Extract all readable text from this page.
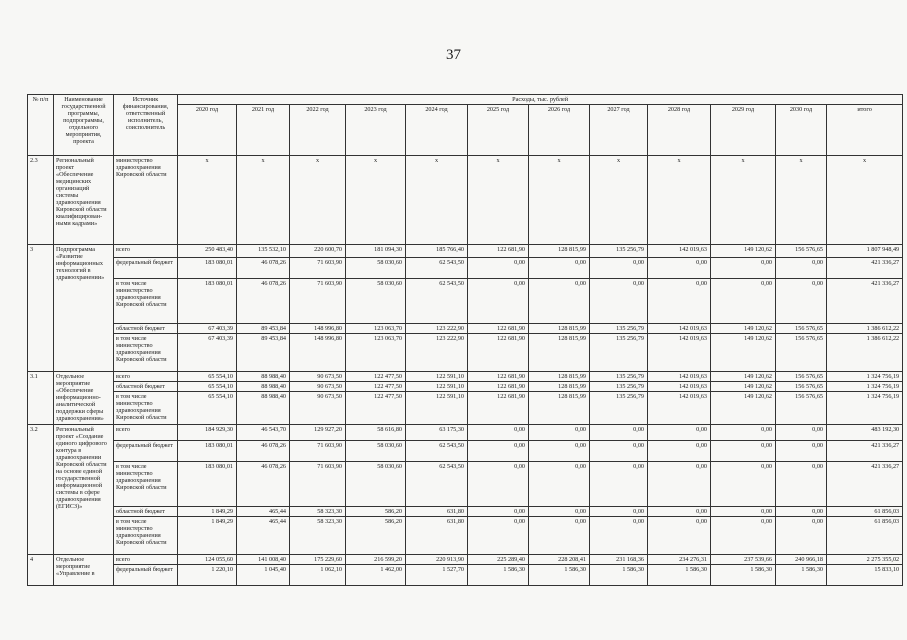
37
№ п/п	Наименование государственной программы, подпрограммы, отдельного мероприятия, проекта	Источник финансирования, ответственный исполнитель, соисполнитель	Расходы, тыс. рублей											
			2020 год	2021 год	2022 год	2023 год	2024 год	2025 год	2026 год	2027 год	2028 год	2029 год	2030 год	итого
2.3	Региональный проект «Обеспечение медицинских организаций системы здравоохранения Кировской области квалифицирован-ными кадрами»	министерство здравоохранения Кировской области	x	x	x	x	x	x	x	x	x	x	x	x
3	Подпрограмма «Развитие информационных технологий в здравоохранении»	всего	250 483,40	135 532,10	220 600,70	181 094,30	185 766,40	122 681,90	128 815,99	135 256,79	142 019,63	149 120,62	156 576,65	1 807 948,49
		федеральный бюджет	183 080,01	46 078,26	71 603,90	58 030,60	62 543,50	0,00	0,00	0,00	0,00	0,00	0,00	421 336,27
		в том числе министерство здравоохранения Кировской области	183 080,01	46 078,26	71 603,90	58 030,60	62 543,50	0,00	0,00	0,00	0,00	0,00	0,00	421 336,27
		областной бюджет	67 403,39	89 453,84	148 996,80	123 063,70	123 222,90	122 681,90	128 815,99	135 256,79	142 019,63	149 120,62	156 576,65	1 386 612,22
		в том числе министерство здравоохранения Кировской области	67 403,39	89 453,84	148 996,80	123 063,70	123 222,90	122 681,90	128 815,99	135 256,79	142 019,63	149 120,62	156 576,65	1 386 612,22
3.1	Отдельное мероприятие «Обеспечение информационно-аналитической поддержки сферы здравоохранения»	всего	65 554,10	88 988,40	90 673,50	122 477,50	122 591,10	122 681,90	128 815,99	135 256,79	142 019,63	149 120,62	156 576,65	1 324 756,19
		областной бюджет	65 554,10	88 988,40	90 673,50	122 477,50	122 591,10	122 681,90	128 815,99	135 256,79	142 019,63	149 120,62	156 576,65	1 324 756,19
		в том числе министерство здравоохранения Кировской области	65 554,10	88 988,40	90 673,50	122 477,50	122 591,10	122 681,90	128 815,99	135 256,79	142 019,63	149 120,62	156 576,65	1 324 756,19
3.2	Региональный проект «Создание единого цифрового контура в здравоохранении Кировской области на основе единой государственной информационной системы в сфере здравоохранения (ЕГИСЗ)»	всего	184 929,30	46 543,70	129 927,20	58 616,80	63 175,30	0,00	0,00	0,00	0,00	0,00	0,00	483 192,30
		федеральный бюджет	183 080,01	46 078,26	71 603,90	58 030,60	62 543,50	0,00	0,00	0,00	0,00	0,00	0,00	421 336,27
		в том числе министерство здравоохранения Кировской области	183 080,01	46 078,26	71 603,90	58 030,60	62 543,50	0,00	0,00	0,00	0,00	0,00	0,00	421 336,27
		областной бюджет	1 849,29	465,44	58 323,30	586,20	631,80	0,00	0,00	0,00	0,00	0,00	0,00	61 856,03
		в том числе министерство здравоохранения Кировской области	1 849,29	465,44	58 323,30	586,20	631,80	0,00	0,00	0,00	0,00	0,00	0,00	61 856,03
4	Отдельное мероприятие «Управление в	всего	124 055,60	141 008,40	175 229,60	216 599,20	220 913,90	225 289,40	228 208,41	231 168,36	234 276,31	237 539,66	240 966,18	2 275 355,02
		федеральный бюджет	1 220,10	1 045,40	1 062,10	1 462,00	1 527,70	1 586,30	1 586,30	1 586,30	1 586,30	1 586,30	1 586,30	15 833,10
